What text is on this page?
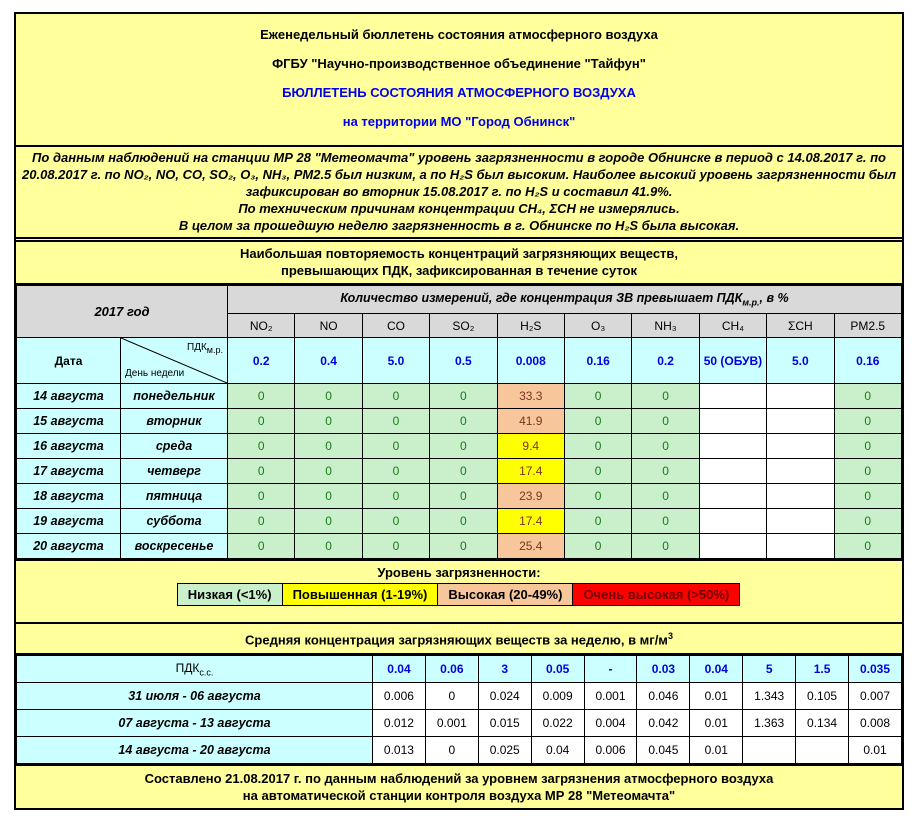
Еженедельный бюллетень состояния атмосферного воздуха
ФГБУ "Научно-производственное объединение "Тайфун"
БЮЛЛЕТЕНЬ СОСТОЯНИЯ АТМОСФЕРНОГО ВОЗДУХА
на территории МО "Город Обнинск"
По данным наблюдений на станции МР 28 "Метеомачта" уровень загрязненности в городе Обнинске в период с 14.08.2017 г. по 20.08.2017 г. по NO₂, NO, CO, SO₂, O₃, NH₃, PM2.5 был низким, а по H₂S был высоким. Наиболее высокий уровень загрязненности был зафиксирован во вторник 15.08.2017 г. по H₂S и составил 41.9%.
По техническим причинам концентрации CH₄, ΣCH не измерялись.
В целом за прошедшую неделю загрязненность в г. Обнинске по H₂S была высокая.
Наибольшая повторяемость концентраций загрязняющих веществ,
превышающих ПДК, зафиксированная в течение суток
2017 год		Количество измерений, где концентрация ЗВ превышает $ПДК_{м.р.}$, в %									
		NO₂	NO	CO	SO₂	H₂S	O₃	NH₃	CH₄	ΣCH	PM2.5
Дата	$ПДК_{м.р.}$
День недели	0.2	0.4	5.0	0.5	0.008	0.16	0.2	50 (ОБУВ)	5.0	0.16
14 августа	понедельник	0	0	0	0	33.3	0	0			0
15 августа	вторник	0	0	0	0	41.9	0	0			0
16 августа	среда	0	0	0	0	9.4	0	0			0
17 августа	четверг	0	0	0	0	17.4	0	0			0
18 августа	пятница	0	0	0	0	23.9	0	0			0
19 августа	суббота	0	0	0	0	17.4	0	0			0
20 августа	воскресенье	0	0	0	0	25.4	0	0			0
Уровень загрязненности:
Низкая (<1%)	Повышенная (1-19%)	Высокая (20-49%)	Очень высокая (>50%)
Средняя концентрация загрязняющих веществ за неделю, в $мг/м^3$
$ПДК_{с.с.}$	0.04	0.06	3	0.05	-	0.03	0.04	5	1.5	0.035
31 июля - 06 августа	0.006	0	0.024	0.009	0.001	0.046	0.01	1.343	0.105	0.007
07 августа - 13 августа	0.012	0.001	0.015	0.022	0.004	0.042	0.01	1.363	0.134	0.008
14 августа - 20 августа	0.013	0	0.025	0.04	0.006	0.045	0.01			0.01
Составлено 21.08.2017 г. по данным наблюдений за уровнем загрязнения атмосферного воздуха
на автоматической станции контроля воздуха МР 28 "Метеомачта"
